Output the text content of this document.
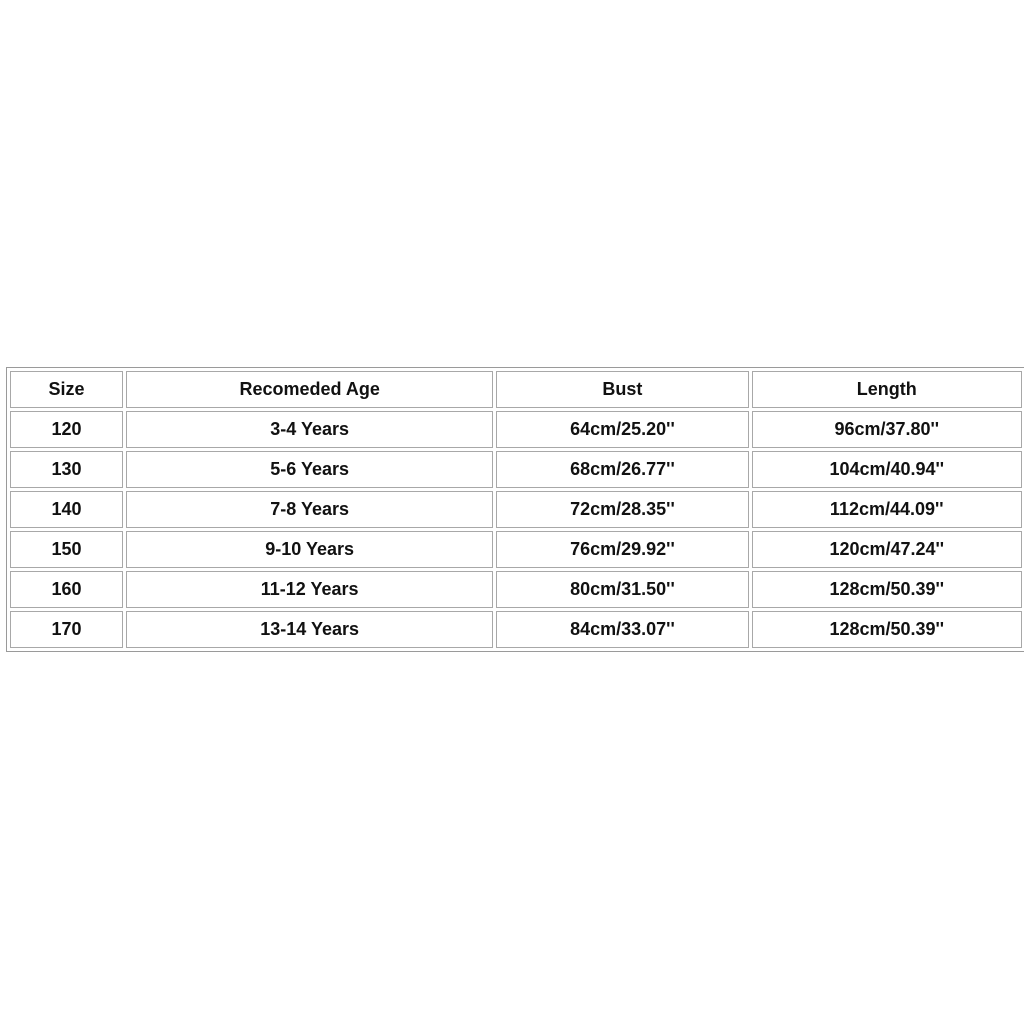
Size	Recomeded Age	Bust	Length
120	3-4 Years	64cm/25.20''	96cm/37.80''
130	5-6 Years	68cm/26.77''	104cm/40.94''
140	7-8 Years	72cm/28.35''	112cm/44.09''
150	9-10 Years	76cm/29.92''	120cm/47.24''
160	11-12 Years	80cm/31.50''	128cm/50.39''
170	13-14 Years	84cm/33.07''	128cm/50.39''
